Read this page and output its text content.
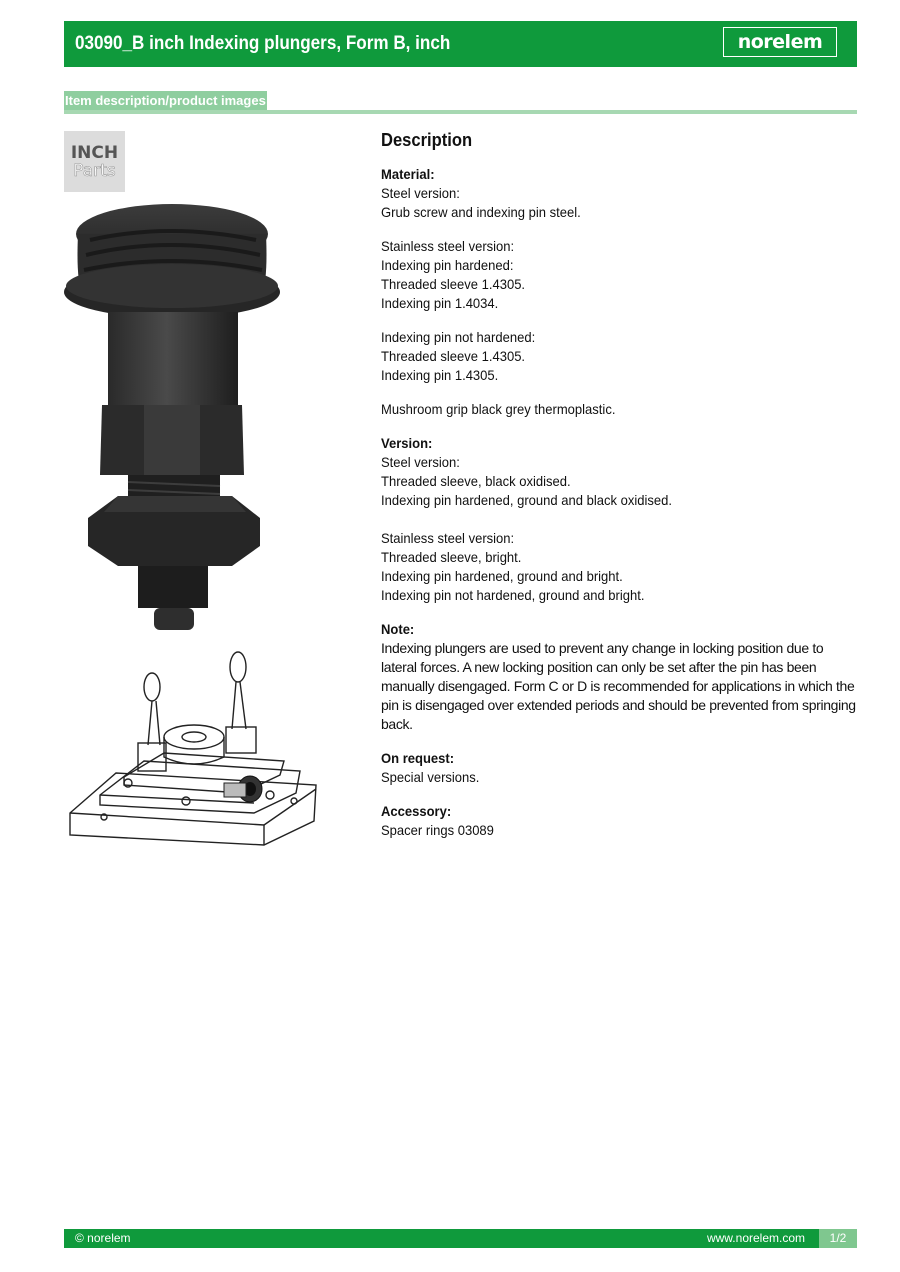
03090_B inch Indexing plungers, Form B, inch	norelem
Item description/product images
INCH
Parts
Description
Material:
Steel version:
Grub screw and indexing pin steel.
Stainless steel version:
Indexing pin hardened:
Threaded sleeve 1.4305.
Indexing pin 1.4034.
Indexing pin not hardened:
Threaded sleeve 1.4305.
Indexing pin 1.4305.
Mushroom grip black grey thermoplastic.
Version:
Steel version:
Threaded sleeve, black oxidised.
Indexing pin hardened, ground and black oxidised.
Stainless steel version:
Threaded sleeve, bright.
Indexing pin hardened, ground and bright.
Indexing pin not hardened, ground and bright.
Note:
Indexing plungers are used to prevent any change in locking position due to lateral forces. A new locking position can only be set after the pin has been manually disengaged. Form C or D is recommended for applications in which the pin is disengaged over extended periods and should be prevented from springing back.
On request:
Special versions.
Accessory:
Spacer rings 03089
© norelem	www.norelem.com	1/2
